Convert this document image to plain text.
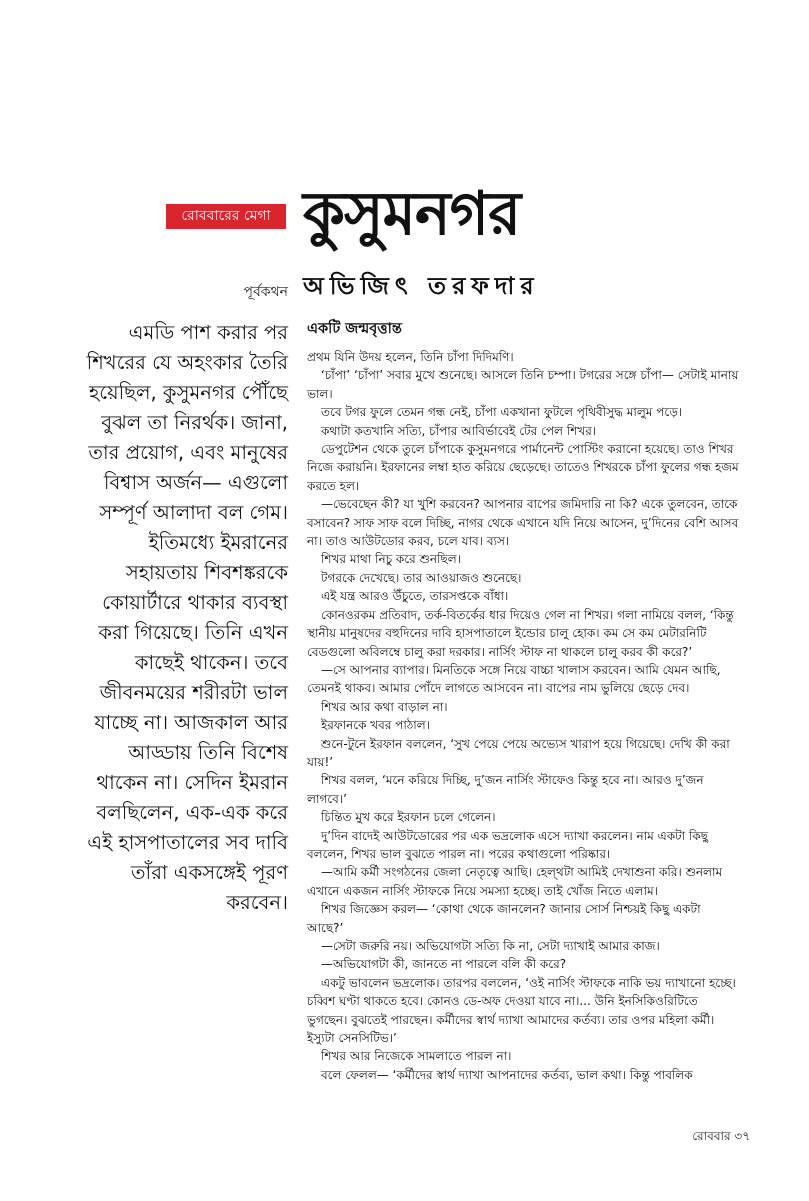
রোববারের মেগা কুসুমনগর
পূর্বকথন অভিজিৎ তরফদার

এমডি পাশ করার পর শিখরের যে অহংকার তৈরি হয়েছিল, কুসুমনগর পৌঁছে বুঝল তা নিরর্থক। জানা, তার প্রয়োগ, এবং মানুষের বিশ্বাস অর্জন— এগুলো সম্পূর্ণ আলাদা বল গেম। ইতিমধ্যে ইমরানের সহায়তায় শিবশঙ্করকে কোয়ার্টারে থাকার ব্যবস্থা করা গিয়েছে। তিনি এখন কাছেই থাকেন। তবে জীবনময়ের শরীরটা ভাল যাচ্ছে না। আজকাল আর আড্ডায় তিনি বিশেষ থাকেন না। সেদিন ইমরান বলছিলেন, এক-এক করে এই হাসপাতালের সব দাবি তাঁরা একসঙ্গেই পূরণ করবেন।

একটি জন্মবৃত্তান্ত

প্রথম যিনি উদয় হলেন, তিনি চাঁপা দিদিমণি।

‘চাঁপা’ ‘চাঁপা’ সবার মুখে শুনেছে। আসলে তিনি চম্পা। টগরের সঙ্গে চাঁপা— সেটাই মানায় ভাল।

তবে টগর ফুলে তেমন গন্ধ নেই, চাঁপা একখানা ফুটলে পৃথিবীসুদ্ধ মালুম পড়ে।

কথাটা কতখানি সত্যি, চাঁপার আবির্ভাবেই টের পেল শিখর।

ডেপুটেশন থেকে তুলে চাঁপাকে কুসুমনগরে পার্মানেন্ট পোস্টিং করানো হয়েছে। তাও শিখর নিজে করায়নি। ইরফানের লম্বা হাত করিয়ে ছেড়েছে। তাতেও শিখরকে চাঁপা ফুলের গন্ধ হজম করতে হল।

—ভেবেছেন কী? যা খুশি করবেন? আপনার বাপের জমিদারি না কি? একে তুলবেন, তাকে বসাবেন? সাফ সাফ বলে দিচ্ছি, নাগর থেকে এখানে যদি নিয়ে আসেন, দু’দিনের বেশি আসব না। তাও আউটডোর করব, চলে যাব। ব্যস।

শিখর মাথা নিচু করে শুনছিল।

টগরকে দেখেছে। তার আওয়াজও শুনেছে।

এই যন্ত্র আরও উঁচুতে, তারসপ্তকে বাঁধা।

কোনওরকম প্রতিবাদ, তর্ক-বিতর্কের ধার দিয়েও গেল না শিখর। গলা নামিয়ে বলল, ‘কিন্তু স্থানীয় মানুষদের বহুদিনের দাবি হাসপাতালে ইন্ডোর চালু হোক। কম সে কম মেটারনিটি বেডগুলো অবিলম্বে চালু করা দরকার। নার্সিং স্টাফ না থাকলে চালু করব কী করে?’

—সে আপনার ব্যাপার। মিনতিকে সঙ্গে নিয়ে বাচ্চা খালাস করবেন। আমি যেমন আছি, তেমনই থাকব। আমার পোঁদে লাগতে আসবেন না। বাপের নাম ভুলিয়ে ছেড়ে দেব।

শিখর আর কথা বাড়াল না।

ইরফানকে খবর পাঠাল।

শুনে-টুনে ইরফান বললেন, ‘সুখ পেয়ে পেয়ে অভ্যেস খারাপ হয়ে গিয়েছে। দেখি কী করা যায়!’

শিখর বলল, ‘মনে করিয়ে দিচ্ছি, দু’জন নার্সিং স্টাফেও কিন্তু হবে না। আরও দু’জন লাগবে।’

চিন্তিত মুখ করে ইরফান চলে গেলেন।

দু’দিন বাদেই আউটডোরের পর এক ভদ্রলোক এসে দ্যাখা করলেন। নাম একটা কিছু বললেন, শিখর ভাল বুঝতে পারল না। পরের কথাগুলো পরিষ্কার।

—আমি কর্মী সংগঠনের জেলা নেতৃত্বে আছি। হেল্‌থটা আমিই দেখাশুনা করি। শুনলাম এখানে একজন নার্সিং স্টাফকে নিয়ে সমস্যা হচ্ছে। তাই খোঁজ নিতে এলাম।

শিখর জিজ্ঞেস করল— ‘কোথা থেকে জানলেন? জানার সোর্স নিশ্চয়ই কিছু একটা আছে?’

—সেটা জরুরি নয়। অভিযোগটা সত্যি কি না, সেটা দ্যাখাই আমার কাজ।

—অভিযোগটা কী, জানতে না পারলে বলি কী করে?

একটু ভাবলেন ভদ্রলোক। তারপর বললেন, ‘ওই নার্সিং স্টাফকে নাকি ভয় দ্যাখানো হচ্ছে। চব্বিশ ঘণ্টা থাকতে হবে। কোনও ডে-অফ দেওয়া যাবে না।... উনি ইনসিকিওরিটিতে ভুগছেন। বুঝতেই পারছেন। কর্মীদের স্বার্থ দ্যাখা আমাদের কর্তব্য। তার ওপর মহিলা কর্মী। ইস্যুটা সেনসিটিভ।’

শিখর আর নিজেকে সামলাতে পারল না।

বলে ফেলল— ‘কর্মীদের স্বার্থ দ্যাখা আপনাদের কর্তব্য, ভাল কথা। কিন্তু পাবলিক

রোববার ৩৭
